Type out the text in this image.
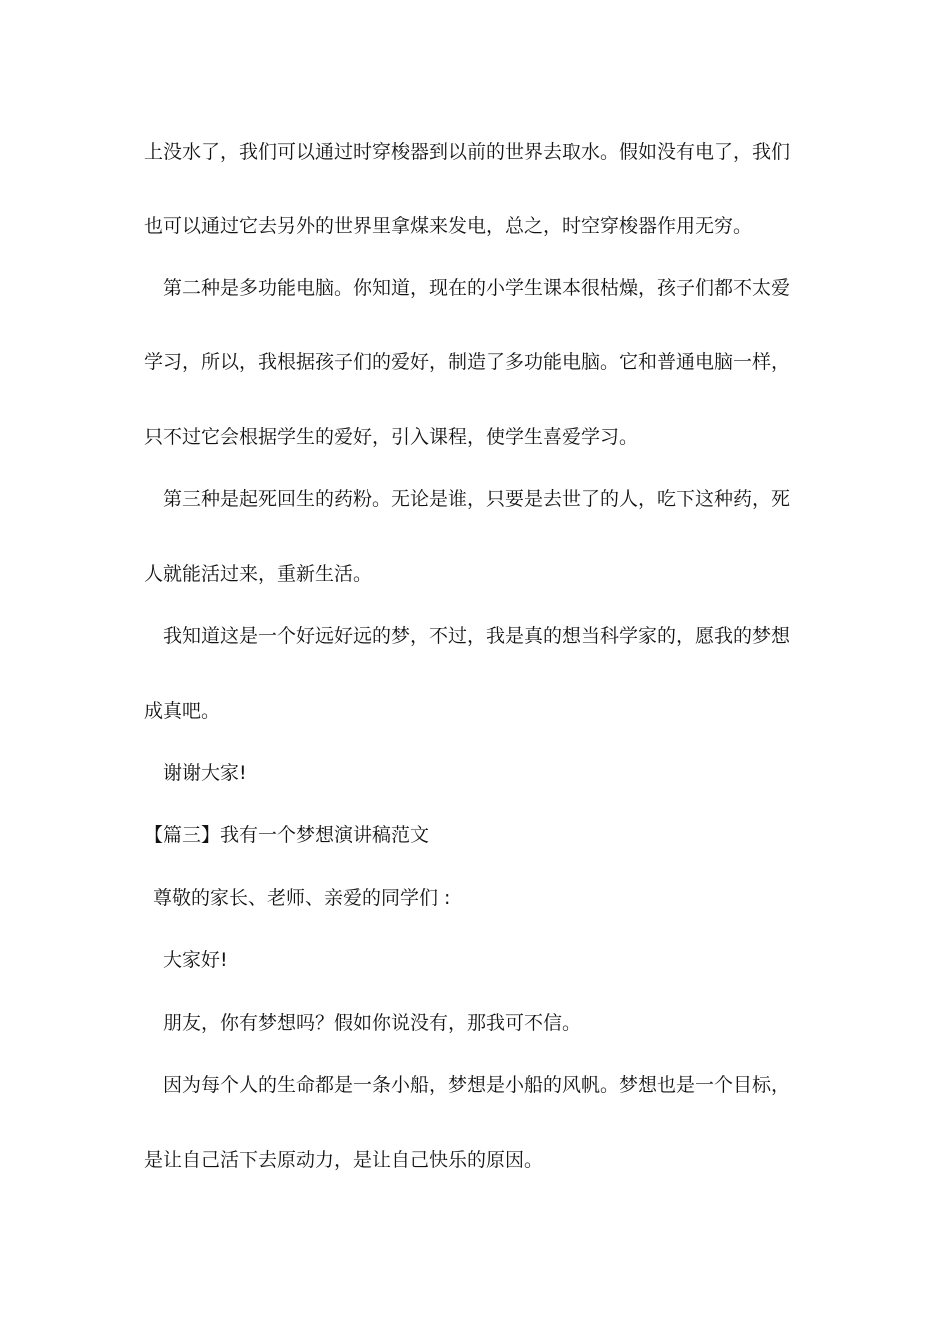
上没水了，我们可以通过时穿梭器到以前的世界去取水。假如没有电了，我们
也可以通过它去另外的世界里拿煤来发电，总之，时空穿梭器作用无穷。
第二种是多功能电脑。你知道，现在的小学生课本很枯燥，孩子们都不太爱
学习，所以，我根据孩子们的爱好，制造了多功能电脑。它和普通电脑一样，
只不过它会根据学生的爱好，引入课程，使学生喜爱学习。
第三种是起死回生的药粉。无论是谁，只要是去世了的人，吃下这种药，死
人就能活过来，重新生活。
我知道这是一个好远好远的梦，不过，我是真的想当科学家的，愿我的梦想
成真吧。
谢谢大家!
【篇三】我有一个梦想演讲稿范文
尊敬的家长、老师、亲爱的同学们 :
大家好!
朋友，你有梦想吗？假如你说没有，那我可不信。
因为每个人的生命都是一条小船，梦想是小船的风帆。梦想也是一个目标，
是让自己活下去原动力，是让自己快乐的原因。
